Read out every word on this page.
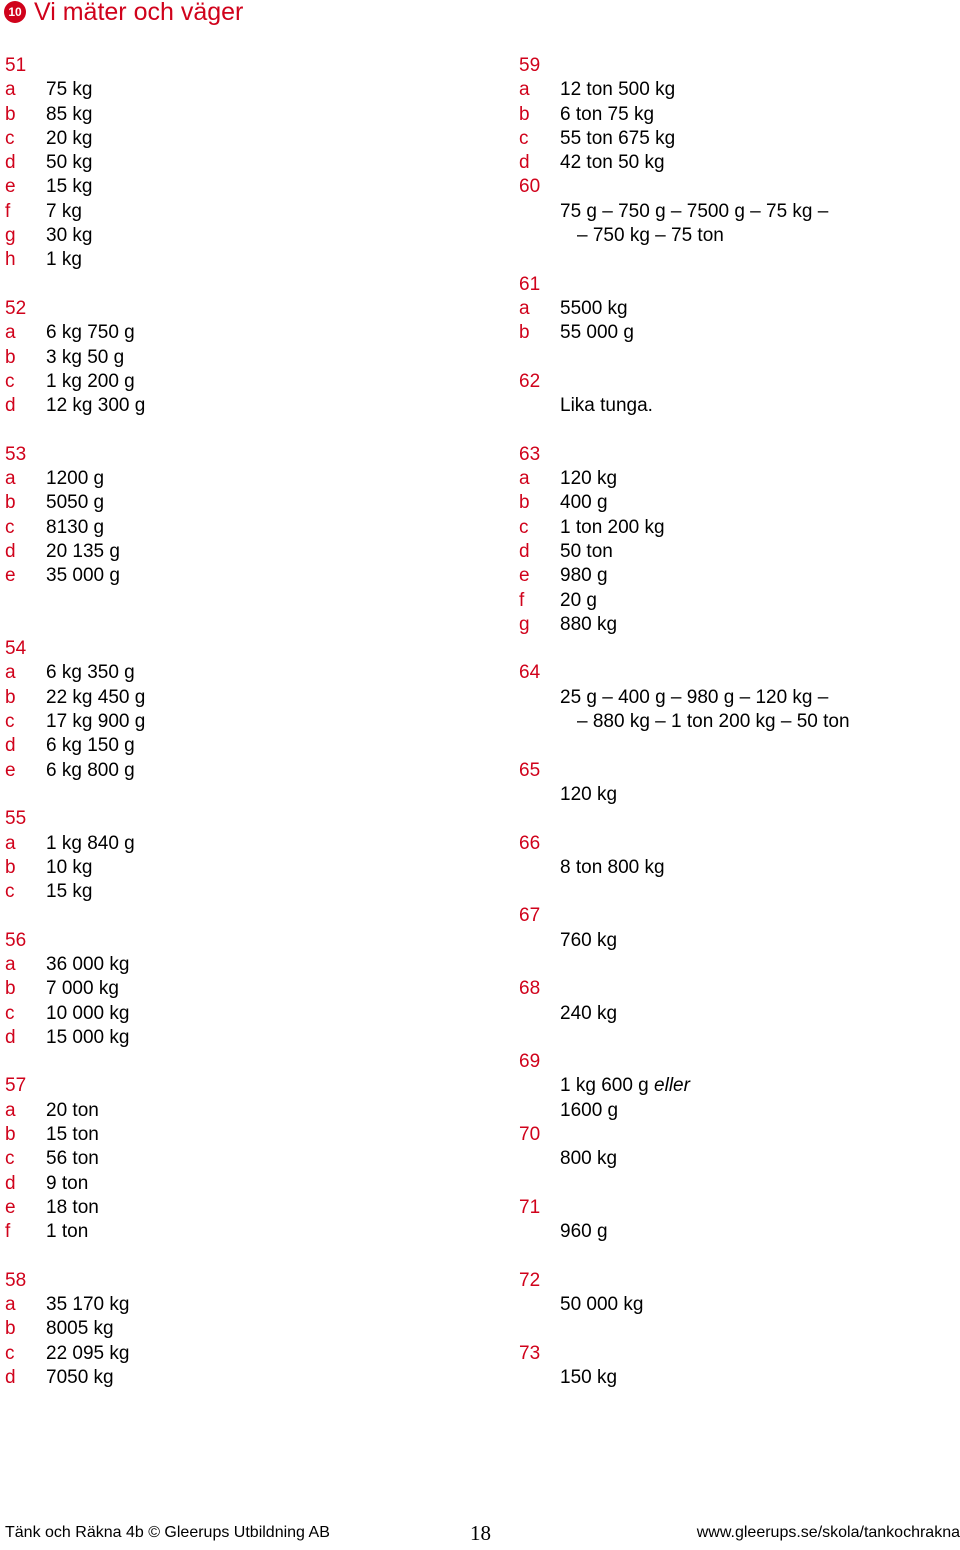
10 Vi mäter och väger
51
a	75 kg
b	85 kg
c	20 kg
d	50 kg
e	15 kg
f	7 kg
g	30 kg
h	1 kg
52
a	6 kg 750 g
b	3 kg 50 g
c	1 kg 200 g
d	12 kg 300 g
53
a	1200 g
b	5050 g
c	8130 g
d	20 135 g
e	35 000 g
54
a	6 kg 350 g
b	22 kg 450 g
c	17 kg 900 g
d	6 kg 150 g
e	6 kg 800 g
55
a	1 kg 840 g
b	10 kg
c	15 kg
56
a	36 000 kg
b	7 000 kg
c	10 000 kg
d	15 000 kg
57
a	20 ton
b	15 ton
c	56 ton
d	9 ton
e	18 ton
f	1 ton
58
a	35 170 kg
b	8005 kg
c	22 095 kg
d	7050 kg
59
a	12 ton 500 kg
b	6 ton 75 kg
c	55 ton 675 kg
d	42 ton 50 kg
60
75 g – 750 g – 7500 g – 75 kg –
– 750 kg – 75 ton
61
a	5500 kg
b	55 000 g
62
Lika tunga.
63
a	120 kg
b	400 g
c	1 ton 200 kg
d	50 ton
e	980 g
f	20 g
g	880 kg
64
25 g – 400 g – 980 g – 120 kg –
– 880 kg – 1 ton 200 kg – 50 ton
65
120 kg
66
8 ton 800 kg
67
760 kg
68
240 kg
69
1 kg 600 g
eller
1600 g
70
800 kg
71
960 g
72
50 000 kg
73
150 kg
Tänk och Räkna 4b © Gleerups Utbildning AB	18	www.gleerups.se/skola/tankochrakna
